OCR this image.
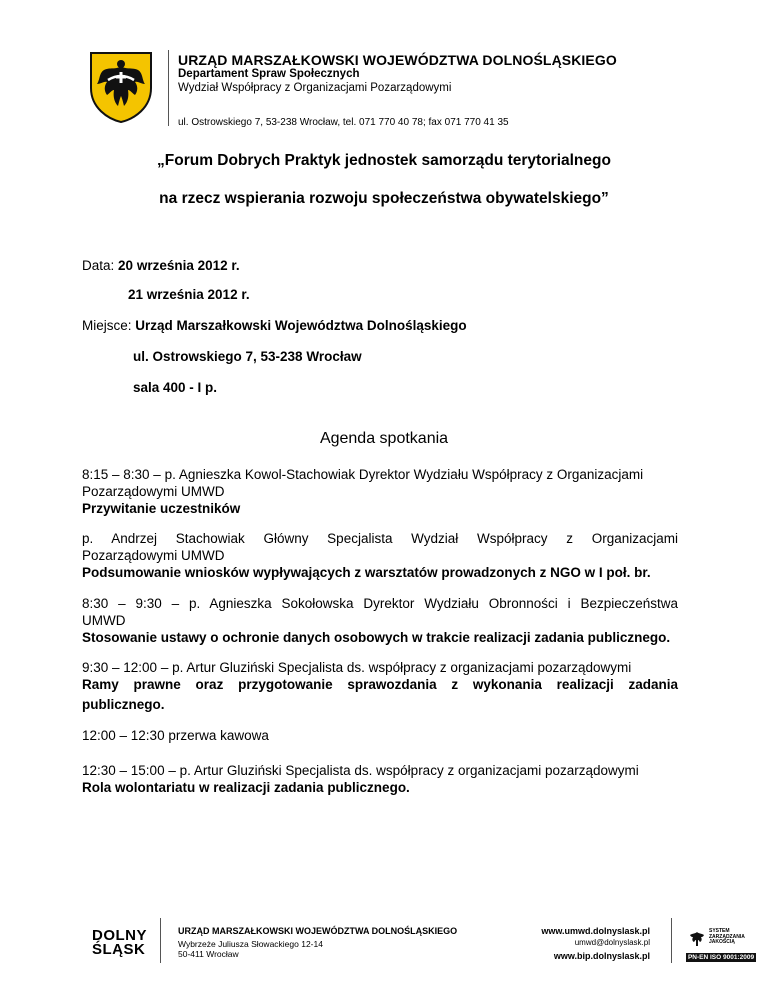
URZĄD MARSZAŁKOWSKI WOJEWÓDZTWA DOLNOŚLĄSKIEGO
Departament Spraw Społecznych
Wydział Współpracy z Organizacjami Pozarządowymi
ul. Ostrowskiego 7, 53-238 Wrocław, tel. 071 770 40 78; fax 071 770 41 35
„Forum Dobrych Praktyk jednostek samorządu terytorialnego
na rzecz wspierania rozwoju społeczeństwa obywatelskiego”
Data: 20 września 2012 r.
21 września 2012 r.
Miejsce: Urząd Marszałkowski Województwa Dolnośląskiego
ul. Ostrowskiego 7, 53-238 Wrocław
sala 400 - I p.
Agenda spotkania
8:15 – 8:30 – p. Agnieszka Kowol-Stachowiak Dyrektor Wydziału Współpracy z Organizacjami
Pozarządowymi UMWD
Przywitanie uczestników
p. Andrzej Stachowiak Główny Specjalista Wydział Współpracy z Organizacjami
Pozarządowymi UMWD
Podsumowanie wniosków wypływających z warsztatów prowadzonych z NGO w I poł. br.
8:30 – 9:30 – p. Agnieszka Sokołowska Dyrektor Wydziału Obronności i Bezpieczeństwa
UMWD
Stosowanie ustawy o ochronie danych osobowych w trakcie realizacji zadania publicznego.
9:30 – 12:00 – p. Artur Gluziński Specjalista ds. współpracy z organizacjami pozarządowymi
Ramy prawne oraz przygotowanie sprawozdania z wykonania realizacji zadania
publicznego.
12:00 – 12:30 przerwa kawowa
12:30 – 15:00 – p. Artur Gluziński Specjalista ds. współpracy z organizacjami pozarządowymi
Rola wolontariatu w realizacji zadania publicznego.
DOLNY
ŚLĄSK
URZĄD MARSZAŁKOWSKI WOJEWÓDZTWA DOLNOŚLĄSKIEGO
Wybrzeże Juliusza Słowackiego 12-14
50-411 Wrocław
www.umwd.dolnyslask.pl
umwd@dolnyslask.pl
www.bip.dolnyslask.pl
SYSTEM
ZARZĄDZANIA
JAKOŚCIĄ
PN-EN ISO 9001:2009
